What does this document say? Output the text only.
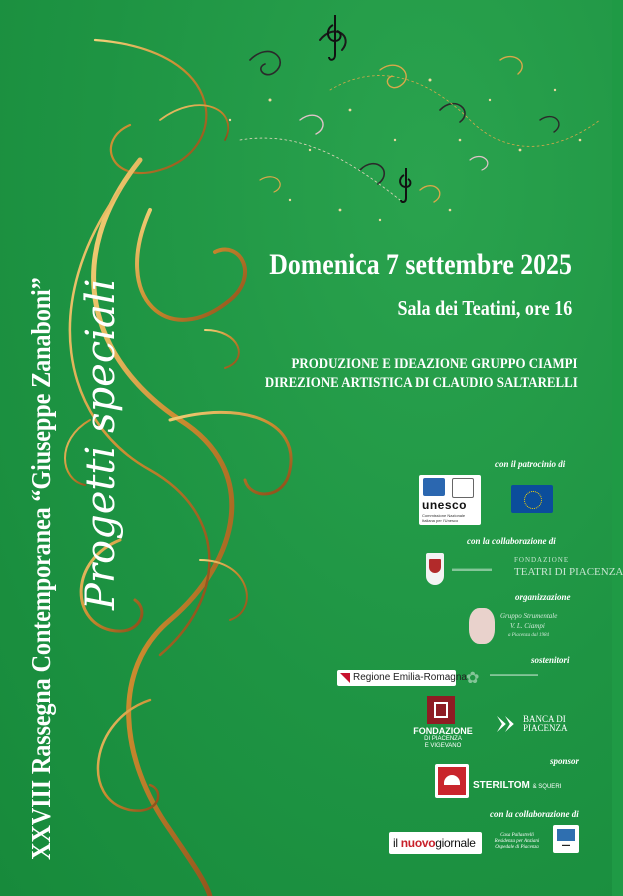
XXVIII Rassegna Contemporanea “Giuseppe Zanaboni” Progetti speciali
Domenica 7 settembre 2025
Sala dei Teatini, ore 16
PRODUZIONE E IDEAZIONE GRUPPO CIAMPI
DIREZIONE ARTISTICA DI CLAUDIO SALTARELLI
con il patrocinio di
unesco
Commissione Nazionale Italiana per l’Unesco
con la collaborazione di
▬▬▬▬▬
FONDAZIONE
TEATRI DI PIACENZA
organizzazione
Gruppo Strumentale
V. L. Ciampi
a Piacenza dal 1984
sostenitori
Regione Emilia-Romagna ✿ ▬▬▬▬▬▬▬▬
FONDAZIONE
DI PIACENZA
E VIGEVANO
BANCA DI
PIACENZA
sponsor
STERILTOM & SQUERI
con la collaborazione di
il nuovogiornale
Casa Pallastrelli
Residenza per Anziani
Ospedale di Piacenza
▬▬
